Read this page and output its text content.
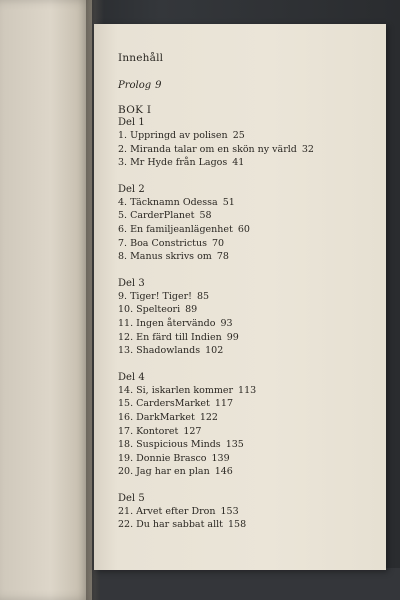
Innehåll
Prolog 9
BOK I
Del 1
1. Uppringd av polisen 25
2. Miranda talar om en skön ny värld 32
3. Mr Hyde från Lagos 41
Del 2
4. Täcknamn Odessa 51
5. CarderPlanet 58
6. En familjeanlägenhet 60
7. Boa Constrictus 70
8. Manus skrivs om 78
Del 3
9. Tiger! Tiger! 85
10. Spelteori 89
11. Ingen återvändo 93
12. En färd till Indien 99
13. Shadowlands 102
Del 4
14. Si, iskarlen kommer 113
15. CardersMarket 117
16. DarkMarket 122
17. Kontoret 127
18. Suspicious Minds 135
19. Donnie Brasco 139
20. Jag har en plan 146
Del 5
21. Arvet efter Dron 153
22. Du har sabbat allt 158
